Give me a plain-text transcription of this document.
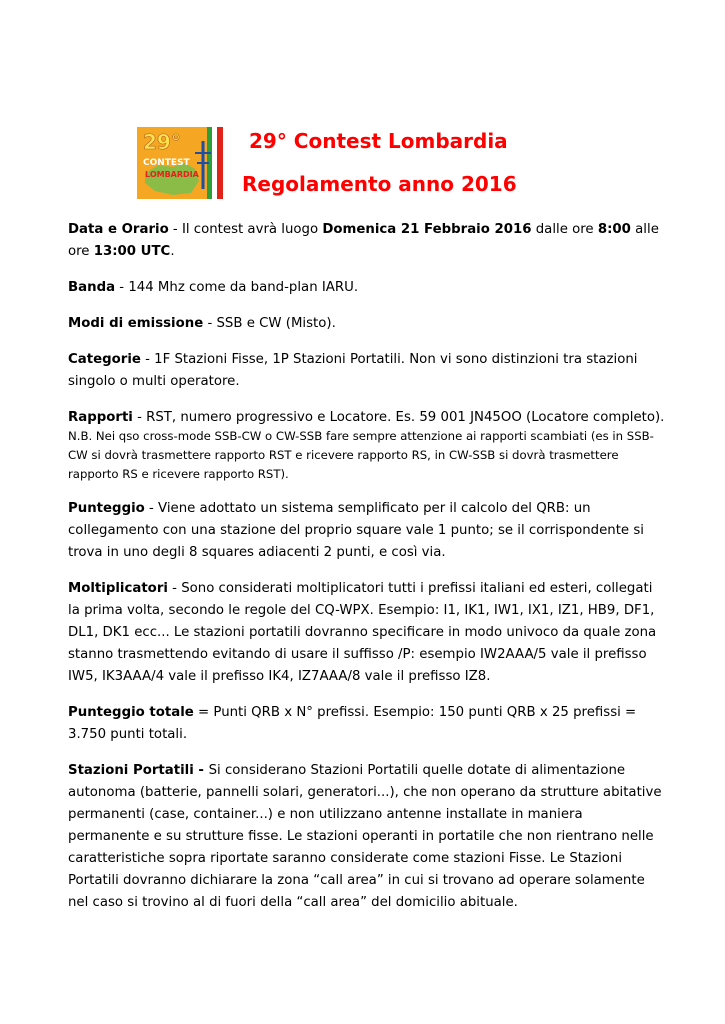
29°
CONTEST
LOMBARDIA
29° Contest Lombardia
Regolamento anno 2016

Data e Orario - Il contest avrà luogo Domenica 21 Febbraio 2016 dalle ore 8:00 alle ore 13:00 UTC.

Banda - 144 Mhz come da band-plan IARU.

Modi di emissione - SSB e CW (Misto).

Categorie - 1F Stazioni Fisse, 1P Stazioni Portatili. Non vi sono distinzioni tra stazioni singolo o multi operatore.

Rapporti - RST, numero progressivo e Locatore. Es. 59 001 JN45OO (Locatore completo).

N.B. Nei qso cross-mode SSB-CW o CW-SSB fare sempre attenzione ai rapporti scambiati (es in SSB-CW si dovrà trasmettere rapporto RST e ricevere rapporto RS, in CW-SSB si dovrà trasmettere rapporto RS e ricevere rapporto RST).

Punteggio - Viene adottato un sistema semplificato per il calcolo del QRB: un collegamento con una stazione del proprio square vale 1 punto; se il corrispondente si trova in uno degli 8 squares adiacenti 2 punti, e così via.

Moltiplicatori - Sono considerati moltiplicatori tutti i prefissi italiani ed esteri, collegati la prima volta, secondo le regole del CQ-WPX. Esempio: I1, IK1, IW1, IX1, IZ1, HB9, DF1, DL1, DK1 ecc... Le stazioni portatili dovranno specificare in modo univoco da quale zona stanno trasmettendo evitando di usare il suffisso /P: esempio IW2AAA/5 vale il prefisso IW5, IK3AAA/4 vale il prefisso IK4, IZ7AAA/8 vale il prefisso IZ8.

Punteggio totale = Punti QRB x N° prefissi. Esempio: 150 punti QRB x 25 prefissi = 3.750 punti totali.

Stazioni Portatili - Si considerano Stazioni Portatili quelle dotate di alimentazione autonoma (batterie, pannelli solari, generatori...), che non operano da strutture abitative permanenti (case, container...) e non utilizzano antenne installate in maniera permanente e su strutture fisse. Le stazioni operanti in portatile che non rientrano nelle caratteristiche sopra riportate saranno considerate come stazioni Fisse. Le Stazioni Portatili dovranno dichiarare la zona “call area” in cui si trovano ad operare solamente nel caso si trovino al di fuori della “call area” del domicilio abituale.
